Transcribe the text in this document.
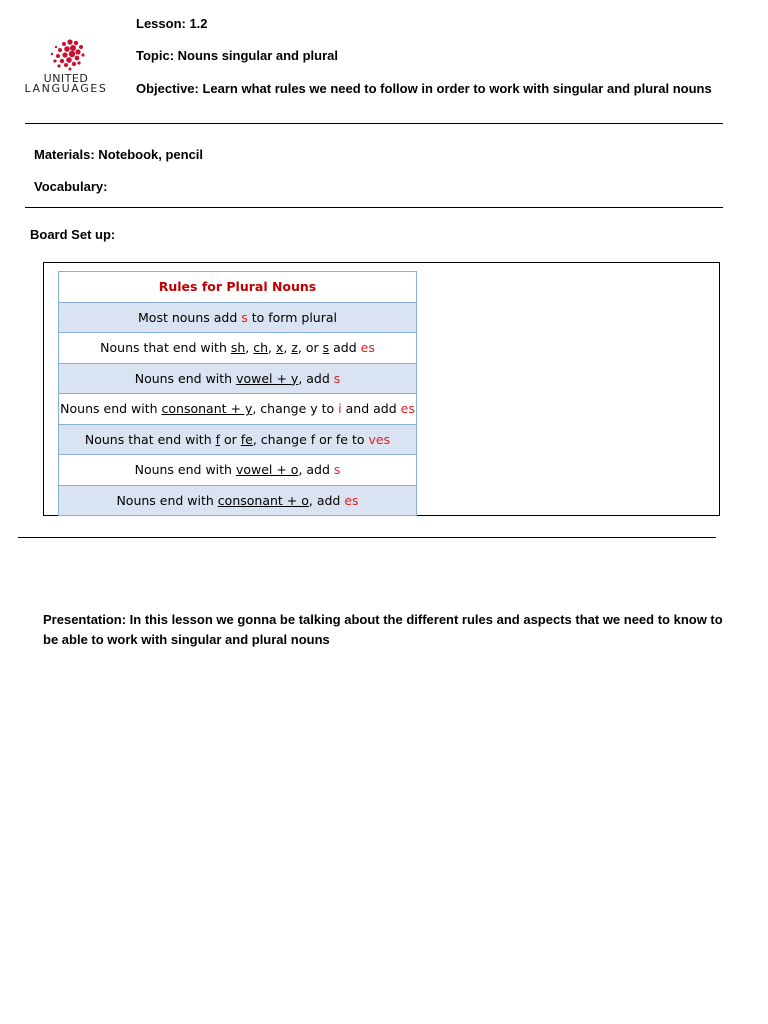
UNITED
LANGUAGES
Lesson: 1.2
Topic: Nouns singular and plural
Objective: Learn what rules we need to follow in order to work with singular and plural nouns
Materials: Notebook, pencil
Vocabulary:
Board Set up:
Rules for Plural Nouns
Most nouns add s to form plural
Nouns that end with sh, ch, x, z, or s add es
Nouns end with vowel + y, add s
Nouns end with consonant + y, change y to i and add es
Nouns that end with f or fe, change f or fe to ves
Nouns end with vowel + o, add s
Nouns end with consonant + o, add es
Presentation: In this lesson we gonna be talking about the different rules and aspects that we need to know to be able to work with singular and plural nouns
